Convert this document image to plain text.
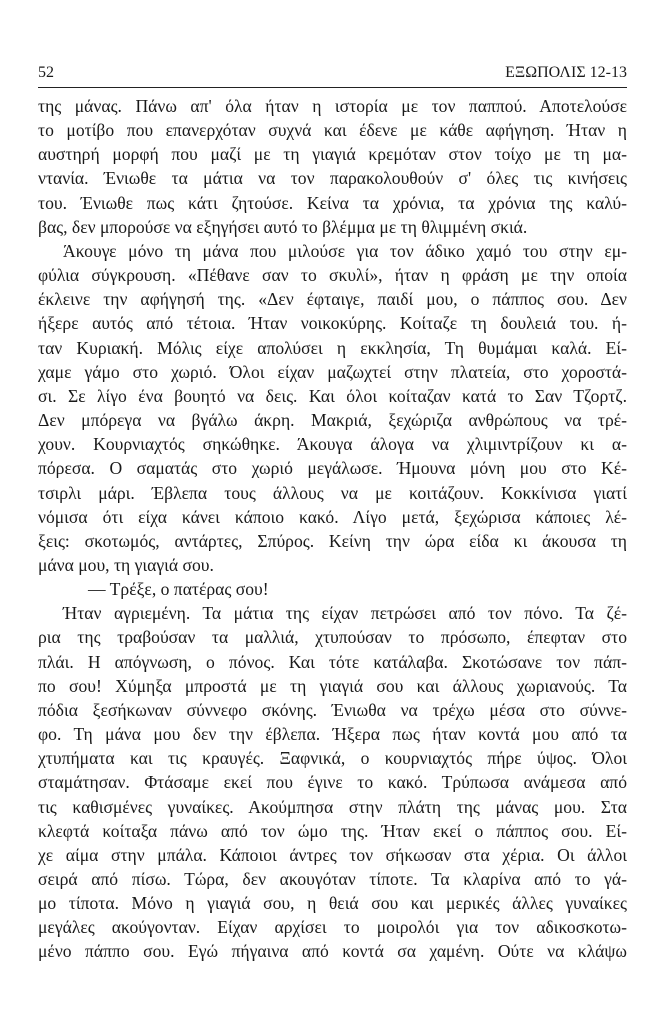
52	ΕΞΩΠΟΛΙΣ 12-13
της μάνας. Πάνω απ' όλα ήταν η ιστορία με τον παππού. Αποτελούσε
το μοτίβο που επανερχόταν συχνά και έδενε με κάθε αφήγηση. Ήταν η
αυστηρή μορφή που μαζί με τη γιαγιά κρεμόταν στον τοίχο με τη μα-
ντανία. Ένιωθε τα μάτια να τον παρακολουθούν σ' όλες τις κινήσεις
του. Ένιωθε πως κάτι ζητούσε. Κείνα τα χρόνια, τα χρόνια της καλύ-
βας, δεν μπορούσε να εξηγήσει αυτό το βλέμμα με τη θλιμμένη σκιά.
Άκουγε μόνο τη μάνα που μιλούσε για τον άδικο χαμό του στην εμ-
φύλια σύγκρουση. «Πέθανε σαν το σκυλί», ήταν η φράση με την οποία
έκλεινε την αφήγησή της. «Δεν έφταιγε, παιδί μου, ο πάππος σου. Δεν
ήξερε αυτός από τέτοια. Ήταν νοικοκύρης. Κοίταζε τη δουλειά του. ή-
ταν Κυριακή. Μόλις είχε απολύσει η εκκλησία, Τη θυμάμαι καλά. Εί-
χαμε γάμο στο χωριό. Όλοι είχαν μαζωχτεί στην πλατεία, στο χοροστά-
σι. Σε λίγο ένα βουητό να δεις. Και όλοι κοίταζαν κατά το Σαν Τζορτζ.
Δεν μπόρεγα να βγάλω άκρη. Μακριά, ξεχώριζα ανθρώπους να τρέ-
χουν. Κουρνιαχτός σηκώθηκε. Άκουγα άλογα να χλιμιντρίζουν κι α-
πόρεσα. Ο σαματάς στο χωριό μεγάλωσε. Ήμουνα μόνη μου στο Κέ-
τσιρλι μάρι. Έβλεπα τους άλλους να με κοιτάζουν. Κοκκίνισα γιατί
νόμισα ότι είχα κάνει κάποιο κακό. Λίγο μετά, ξεχώρισα κάποιες λέ-
ξεις: σκοτωμός, αντάρτες, Σπύρος. Κείνη την ώρα είδα κι άκουσα τη
μάνα μου, τη γιαγιά σου.
— Τρέξε, ο πατέρας σου!
Ήταν αγριεμένη. Τα μάτια της είχαν πετρώσει από τον πόνο. Τα ζέ-
ρια της τραβούσαν τα μαλλιά, χτυπούσαν το πρόσωπο, έπεφταν στο
πλάι. Η απόγνωση, ο πόνος. Και τότε κατάλαβα. Σκοτώσανε τον πάπ-
πο σου! Χύμηξα μπροστά με τη γιαγιά σου και άλλους χωριανούς. Τα
πόδια ξεσήκωναν σύννεφο σκόνης. Ένιωθα να τρέχω μέσα στο σύννε-
φο. Τη μάνα μου δεν την έβλεπα. Ήξερα πως ήταν κοντά μου από τα
χτυπήματα και τις κραυγές. Ξαφνικά, ο κουρνιαχτός πήρε ύψος. Όλοι
σταμάτησαν. Φτάσαμε εκεί που έγινε το κακό. Τρύπωσα ανάμεσα από
τις καθισμένες γυναίκες. Ακούμπησα στην πλάτη της μάνας μου. Στα
κλεφτά κοίταξα πάνω από τον ώμο της. Ήταν εκεί ο πάππος σου. Εί-
χε αίμα στην μπάλα. Κάποιοι άντρες τον σήκωσαν στα χέρια. Οι άλλοι
σειρά από πίσω. Τώρα, δεν ακουγόταν τίποτε. Τα κλαρίνα από το γά-
μο τίποτα. Μόνο η γιαγιά σου, η θειά σου και μερικές άλλες γυναίκες
μεγάλες ακούγονταν. Είχαν αρχίσει το μοιρολόι για τον αδικοσκοτω-
μένο πάππο σου. Εγώ πήγαινα από κοντά σα χαμένη. Ούτε να κλάψω
